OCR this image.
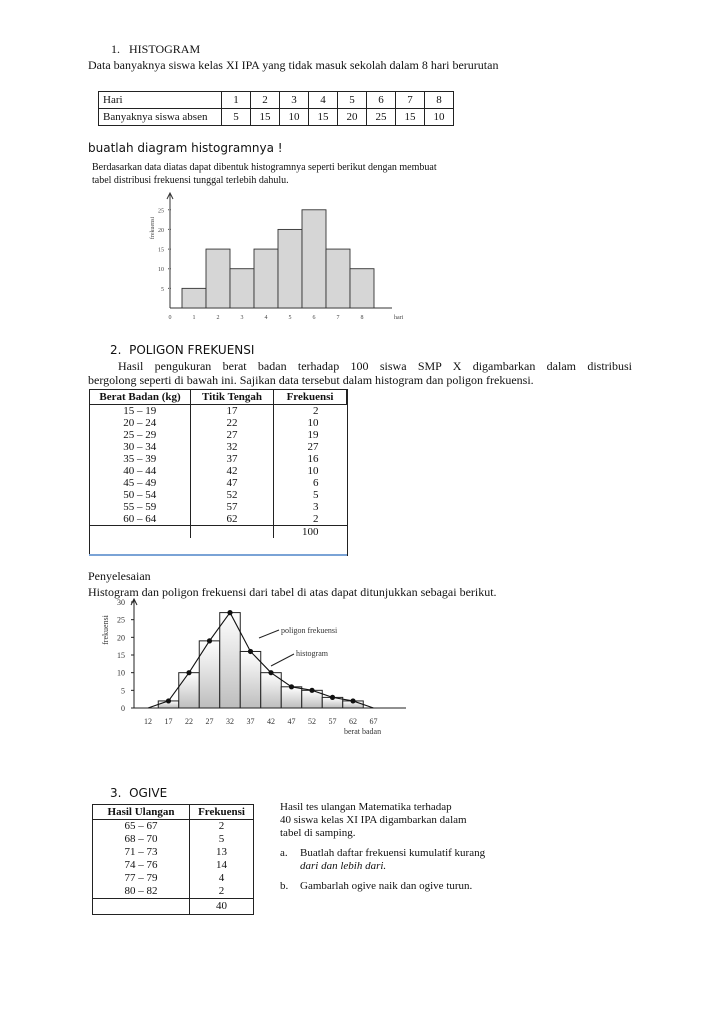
1. HISTOGRAM
Data banyaknya siswa kelas XI IPA yang tidak masuk sekolah dalam 8 hari berurutan
Hari	1	2	3	4	5	6	7	8
Banyaknya siswa absen	5	15	10	15	20	25	15	10
buatlah diagram histogramnya !
Berdasarkan data diatas dapat dibentuk histogramnya seperti berikut dengan membuat
tabel distribusi frekuensi tunggal terlebih dahulu.
5
10
15
20
25
0	1	2	3	4	5	6	7	8	hari
frekuensi
2. POLIGON FREKUENSI
Hasil pengukuran berat badan terhadap 100 siswa SMP X digambarkan dalam distribusi
bergolong seperti di bawah ini. Sajikan data tersebut dalam histogram dan poligon frekuensi.
Berat Badan (kg)	Titik Tengah	Frekuensi
15 – 19	17	2
20 – 24	22	10
25 – 29	27	19
30 – 34	32	27
35 – 39	37	16
40 – 44	42	10
45 – 49	47	6
50 – 54	52	5
55 – 59	57	3
60 – 64	62	2
		100
Penyelesaian
Histogram dan poligon frekuensi dari tabel di atas dapat ditunjukkan sebagai berikut.
0
5
10
15
20
25
30
12 17 22 27 32 37 42 47 52 57 62 67
berat badan
frekuensi	poligon frekuensi
histogram
3. OGIVE
Hasil Ulangan	Frekuensi
65 – 67	2
68 – 70	5
71 – 73	13
74 – 76	14
77 – 79	4
80 – 82	2
	40
Hasil tes ulangan Matematika terhadap
40 siswa kelas XI IPA digambarkan dalam
tabel di samping.
a.	Buatlah daftar frekuensi kumulatif kurang
dari dan lebih dari.
b.	Gambarlah ogive naik dan ogive turun.
